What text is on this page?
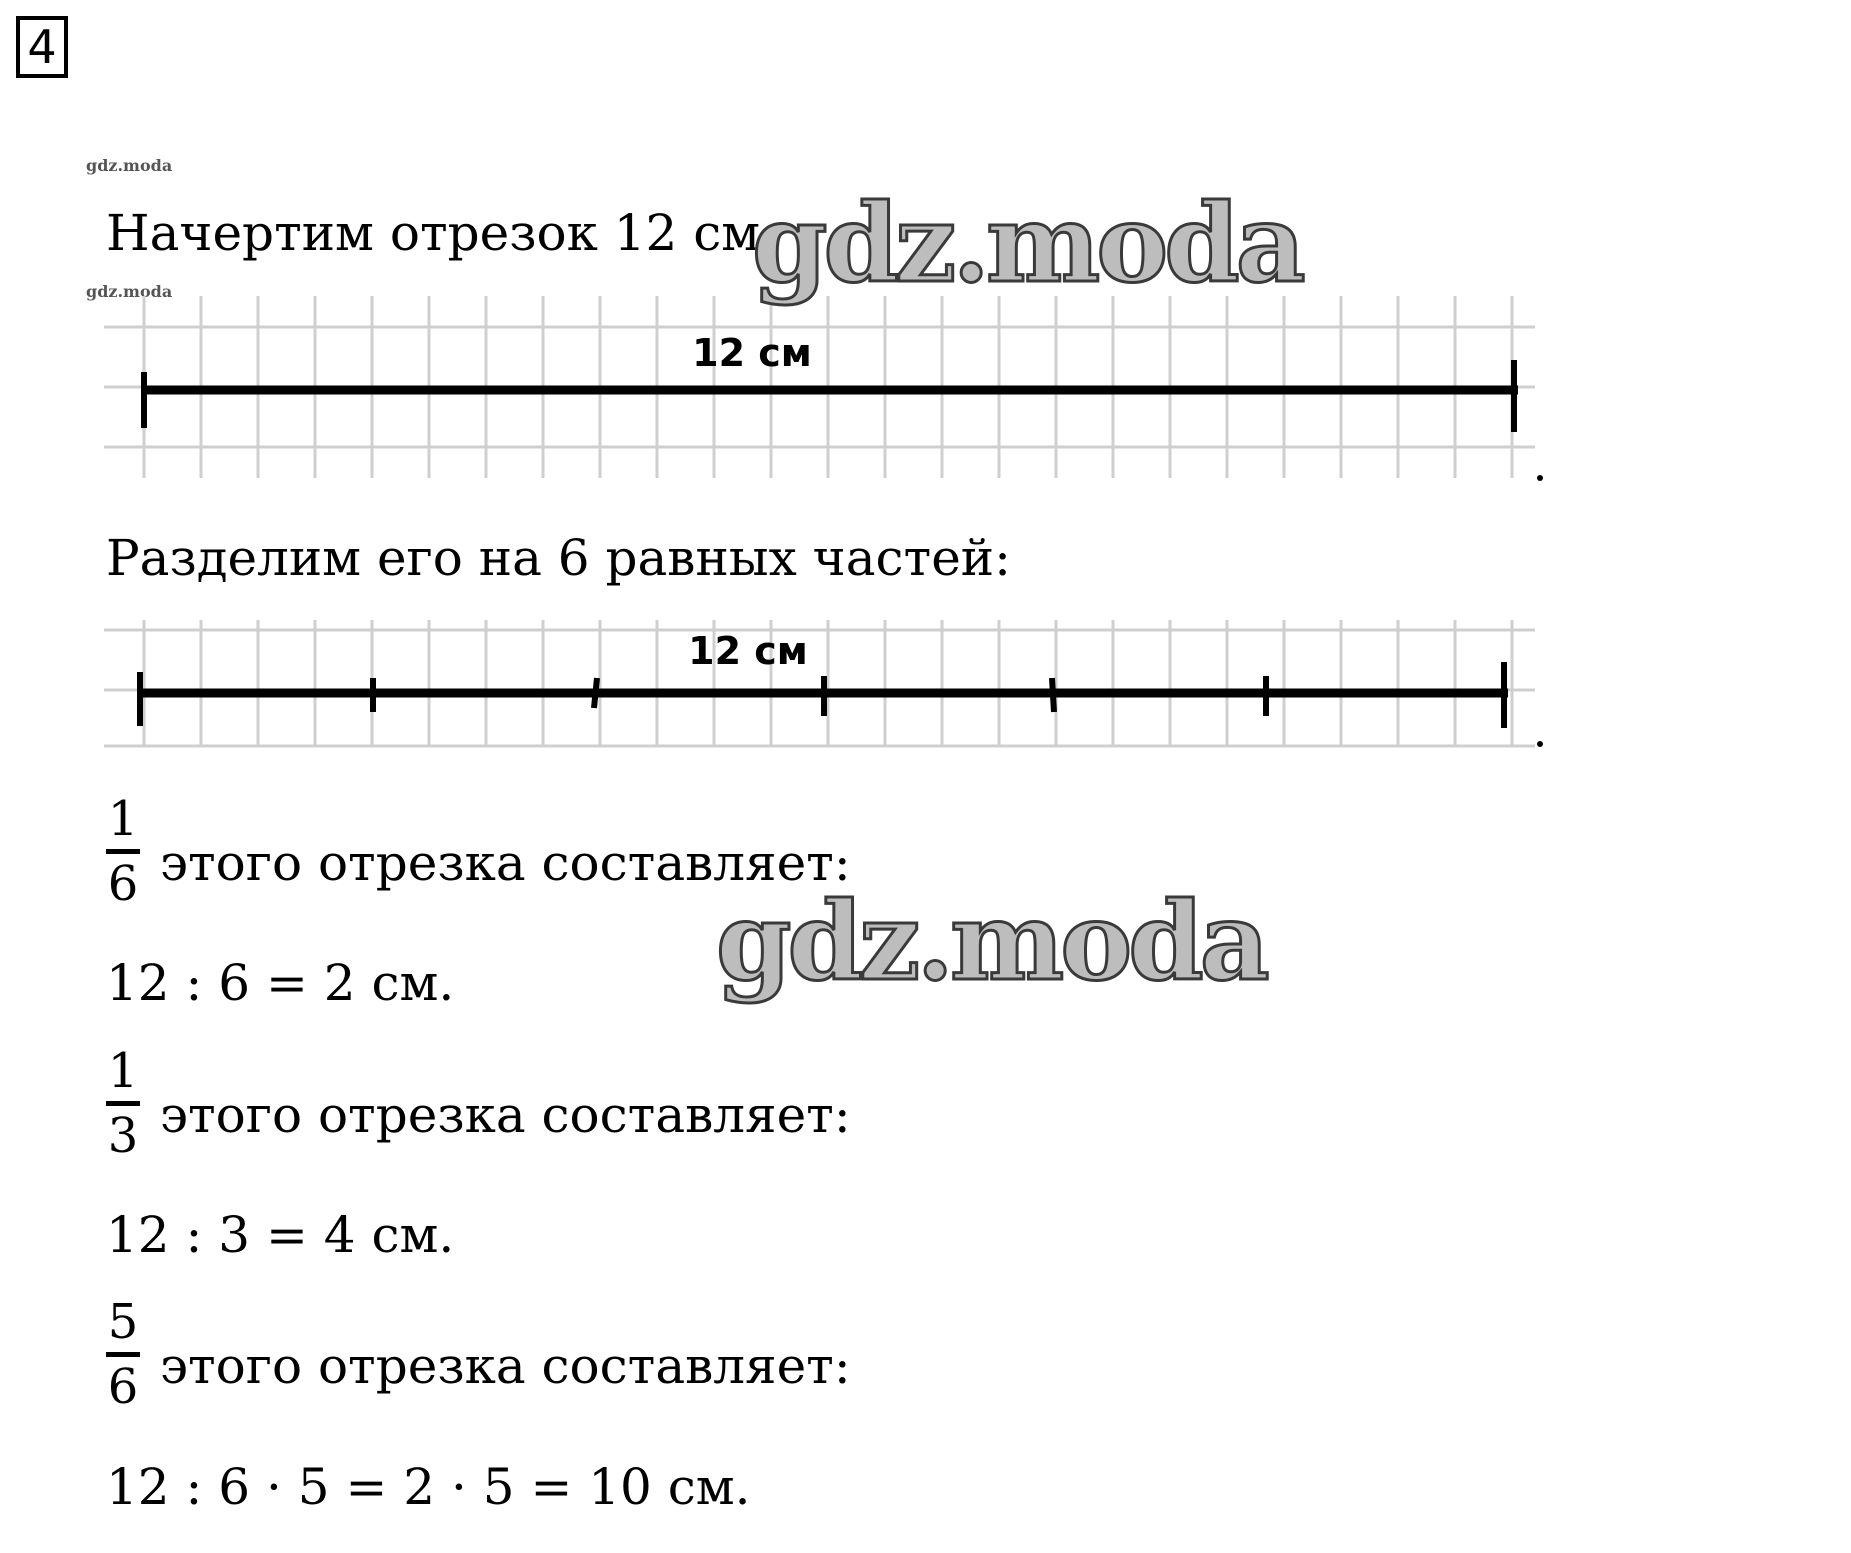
4
gdz.moda
gdz.moda
Начертим отрезок 12 см:
12 см
12 см
gdz.moda
Разделим его на 6 равных частей:
1
6 этого отрезка составляет:
12 : 6 = 2 см. gdz.moda
1
3 этого отрезка составляет:
12 : 3 = 4 см.
5
6 этого отрезка составляет:
12 : 6 · 5 = 2 · 5 = 10 см.
